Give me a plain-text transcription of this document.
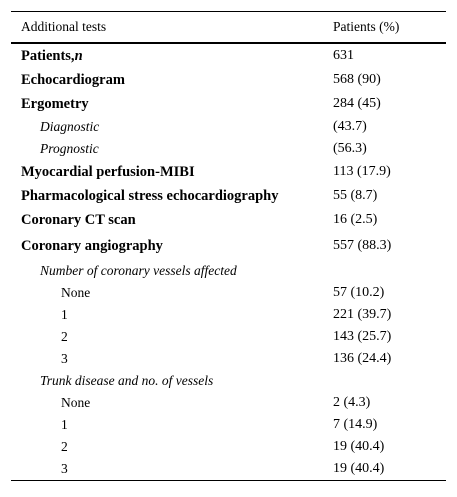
Additional tests	Patients (%)
Patients,n	631
Echocardiogram	568 (90)
Ergometry	284 (45)
Diagnostic	(43.7)
Prognostic	(56.3)
Myocardial perfusion-MIBI	113 (17.9)
Pharmacological stress echocardiography	55 (8.7)
Coronary CT scan	16 (2.5)
Coronary angiography	557 (88.3)
Number of coronary vessels affected	
None	57 (10.2)
1	221 (39.7)
2	143 (25.7)
3	136 (24.4)
Trunk disease and no. of vessels	
None	2 (4.3)
1	7 (14.9)
2	19 (40.4)
3	19 (40.4)
